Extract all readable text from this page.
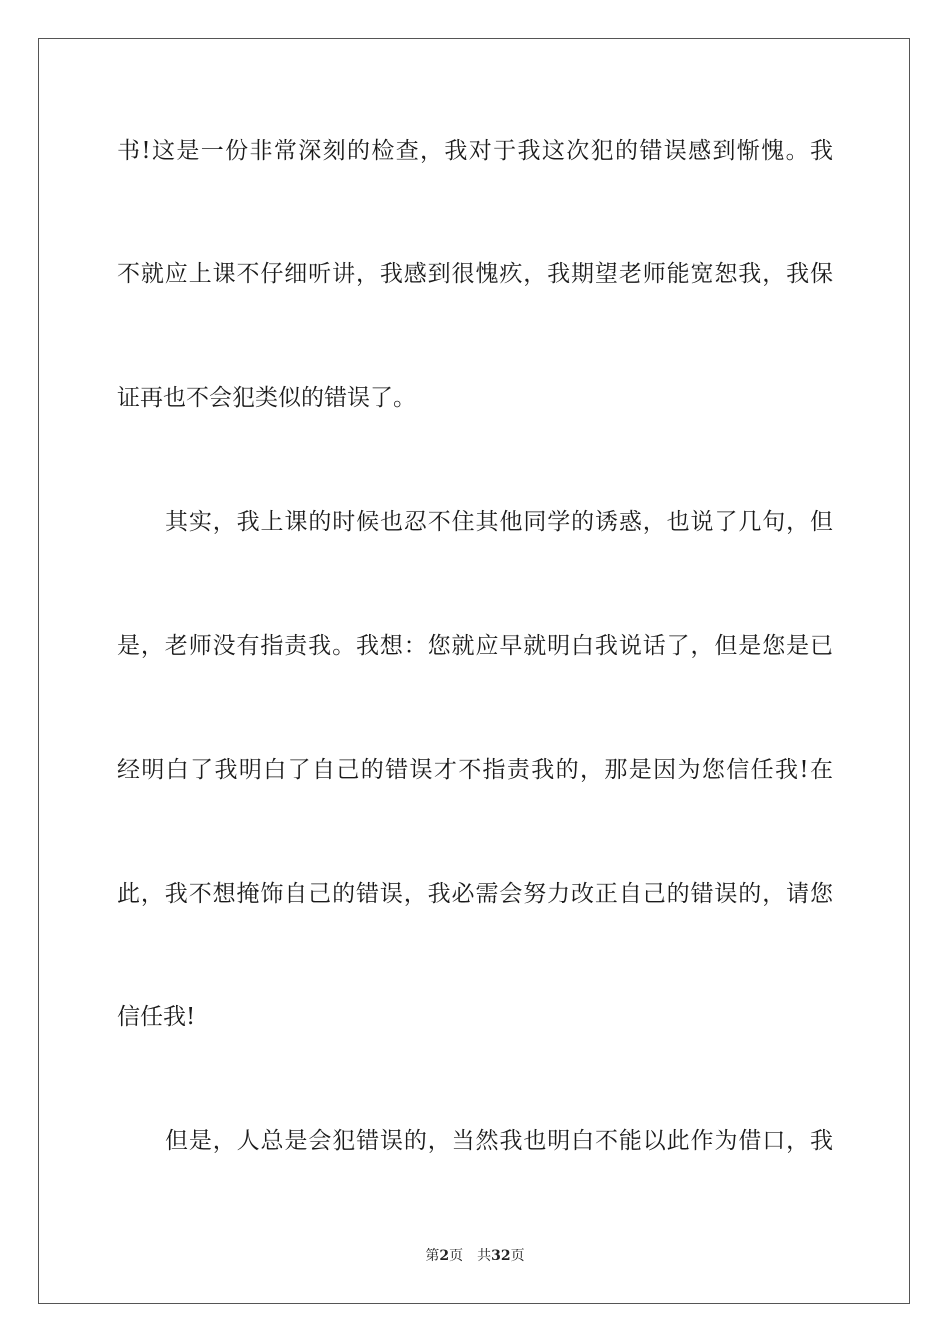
书!这是一份非常深刻的检查，我对于我这次犯的错误感到惭愧。我
不就应上课不仔细听讲，我感到很愧疚，我期望老师能宽恕我，我保
证再也不会犯类似的错误了。
其实，我上课的时候也忍不住其他同学的诱惑，也说了几句，但
是，老师没有指责我。我想：您就应早就明白我说话了，但是您是已
经明白了我明白了自己的错误才不指责我的，那是因为您信任我!在
此，我不想掩饰自己的错误，我必需会努力改正自己的错误的，请您
信任我!
但是，人总是会犯错误的，当然我也明白不能以此作为借口，我
第2页 共32页
